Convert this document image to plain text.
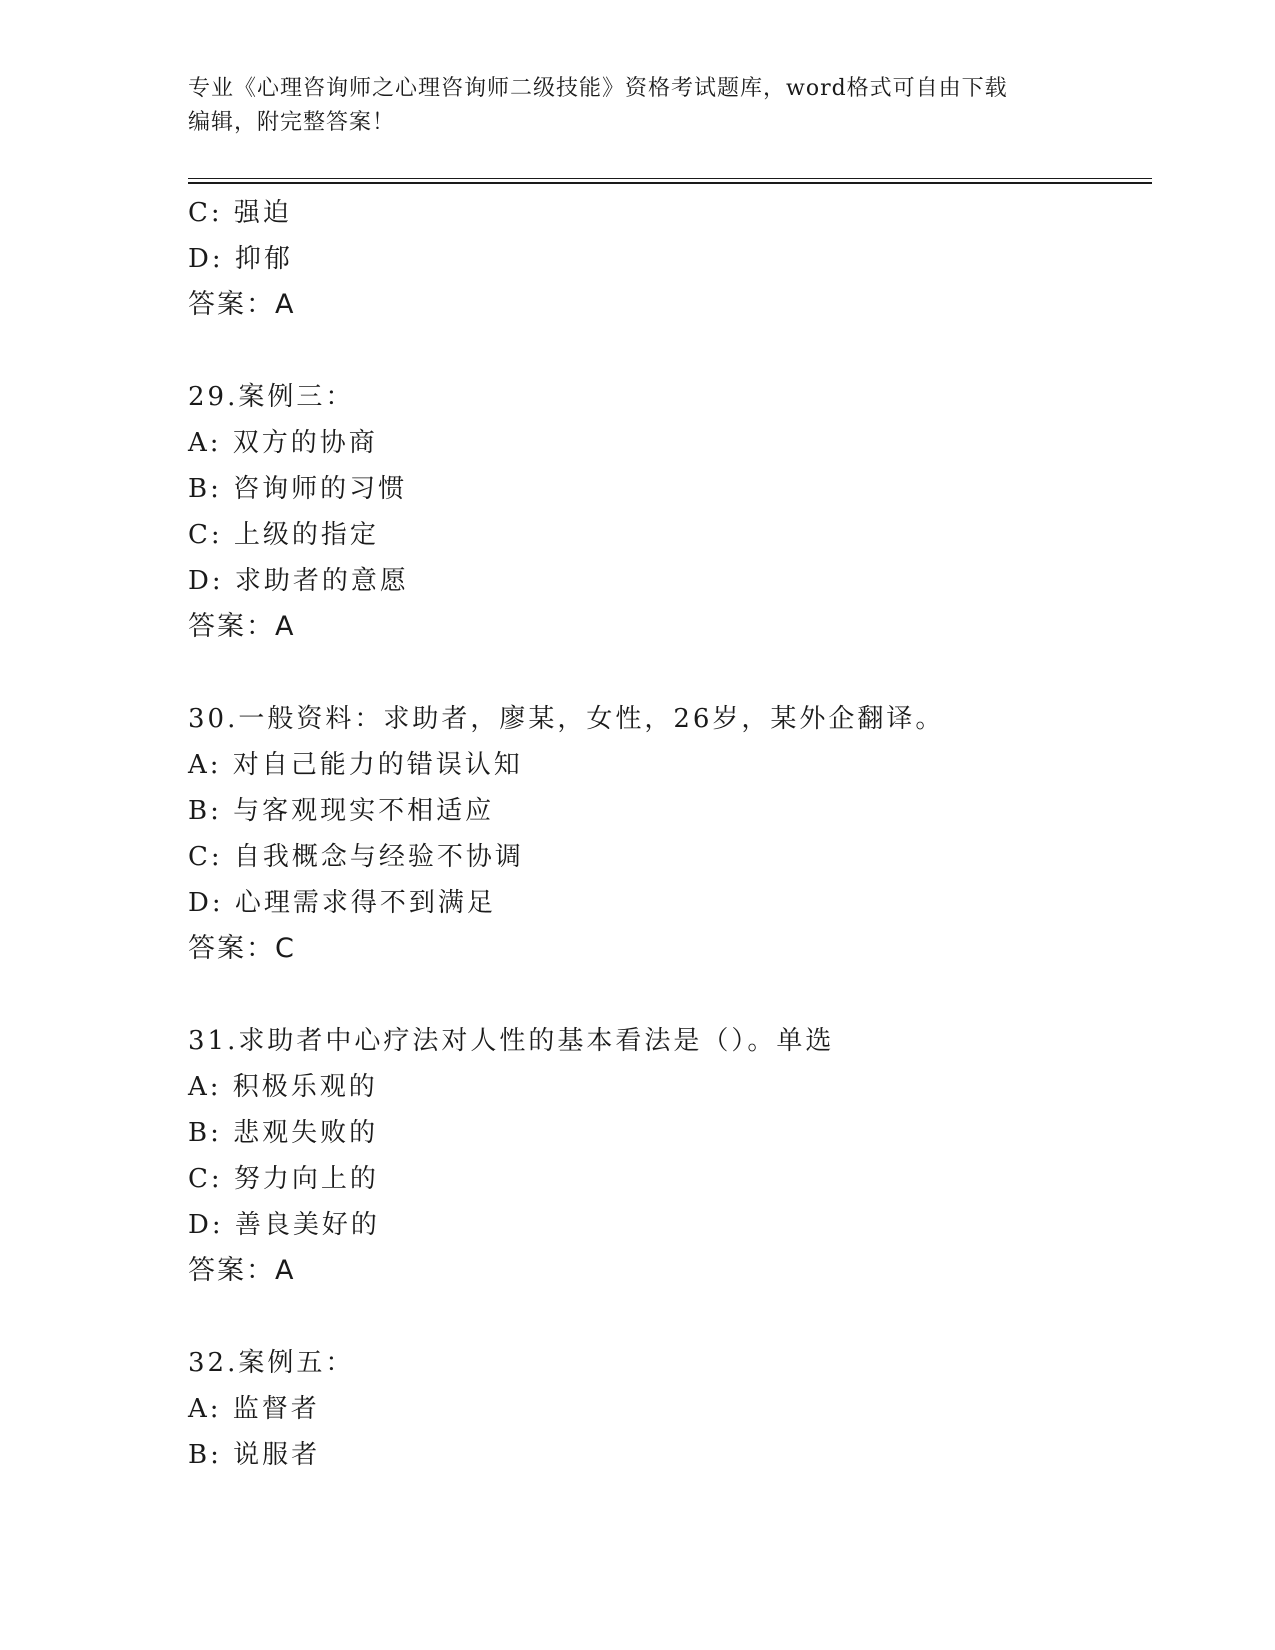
专业《心理咨询师之心理咨询师二级技能》资格考试题库，word格式可自由下载
编辑，附完整答案！
C: 强迫
D: 抑郁
答案：A
29.案例三：
A: 双方的协商
B: 咨询师的习惯
C: 上级的指定
D: 求助者的意愿
答案：A
30.一般资料：求助者，廖某，女性，26岁，某外企翻译。
A: 对自己能力的错误认知
B: 与客观现实不相适应
C: 自我概念与经验不协调
D: 心理需求得不到满足
答案：C
31.求助者中心疗法对人性的基本看法是（）。单选
A: 积极乐观的
B: 悲观失败的
C: 努力向上的
D: 善良美好的
答案：A
32.案例五：
A: 监督者
B: 说服者
